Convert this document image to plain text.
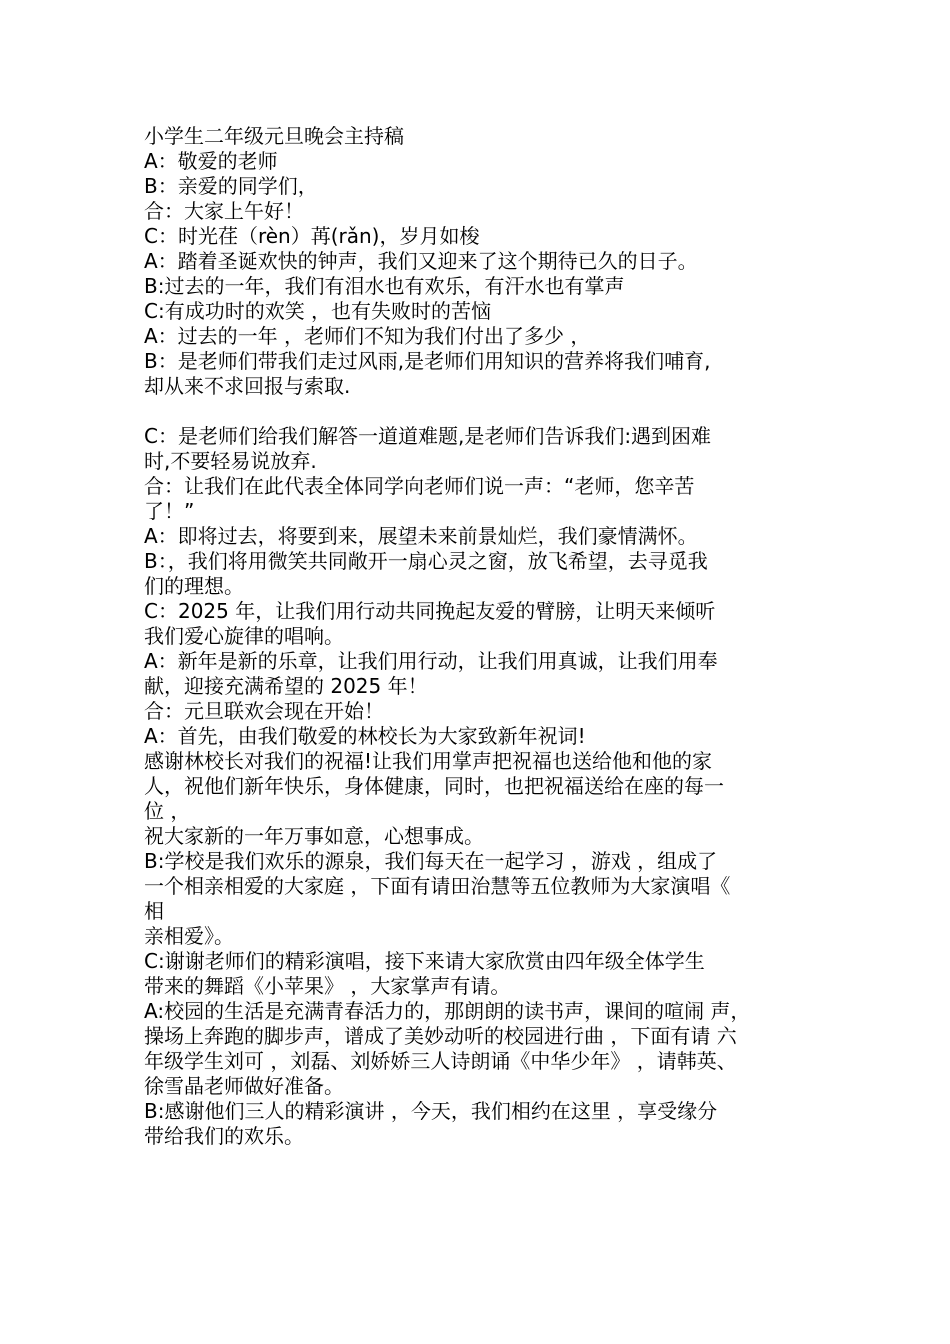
小学生二年级元旦晚会主持稿
A：敬爱的老师
B：亲爱的同学们，
合：大家上午好！
C：时光荏（rèn）苒(rǎn)，岁月如梭
A：踏着圣诞欢快的钟声，我们又迎来了这个期待已久的日子。
B:过去的一年，我们有泪水也有欢乐，有汗水也有掌声
C:有成功时的欢笑 ，也有失败时的苦恼
A：过去的一年 ，老师们不知为我们付出了多少 ，
B：是老师们带我们走过风雨,是老师们用知识的营养将我们哺育,
却从来不求回报与索取.
C：是老师们给我们解答一道道难题,是老师们告诉我们:遇到困难
时,不要轻易说放弃.
合：让我们在此代表全体同学向老师们说一声：“老师，您辛苦
了！”
A：即将过去，将要到来，展望未来前景灿烂，我们豪情满怀。
B：，我们将用微笑共同敞开一扇心灵之窗，放飞希望，去寻觅我
们的理想。
C：2025 年，让我们用行动共同挽起友爱的臂膀，让明天来倾听
我们爱心旋律的唱响。
A：新年是新的乐章，让我们用行动，让我们用真诚，让我们用奉
献，迎接充满希望的 2025 年！
合：元旦联欢会现在开始！
A：首先，由我们敬爱的林校长为大家致新年祝词!
感谢林校长对我们的祝福!让我们用掌声把祝福也送给他和他的家
人，祝他们新年快乐，身体健康，同时，也把祝福送给在座的每一
位 ，
祝大家新的一年万事如意，心想事成。
B:学校是我们欢乐的源泉，我们每天在一起学习 ，游戏 ，组成了
一个相亲相爱的大家庭 ，下面有请田治慧等五位教师为大家演唱《
相
亲相爱》。
C:谢谢老师们的精彩演唱，接下来请大家欣赏由四年级全体学生
带来的舞蹈《小苹果》 ，大家掌声有请。
A:校园的生活是充满青春活力的，那朗朗的读书声，课间的喧闹 声，
操场上奔跑的脚步声，谱成了美妙动听的校园进行曲 ，下面有请 六
年级学生刘可 ，刘磊、刘娇娇三人诗朗诵《中华少年》 ，请韩英、
徐雪晶老师做好准备。
B:感谢他们三人的精彩演讲 ，今天，我们相约在这里 ，享受缘分
带给我们的欢乐。
